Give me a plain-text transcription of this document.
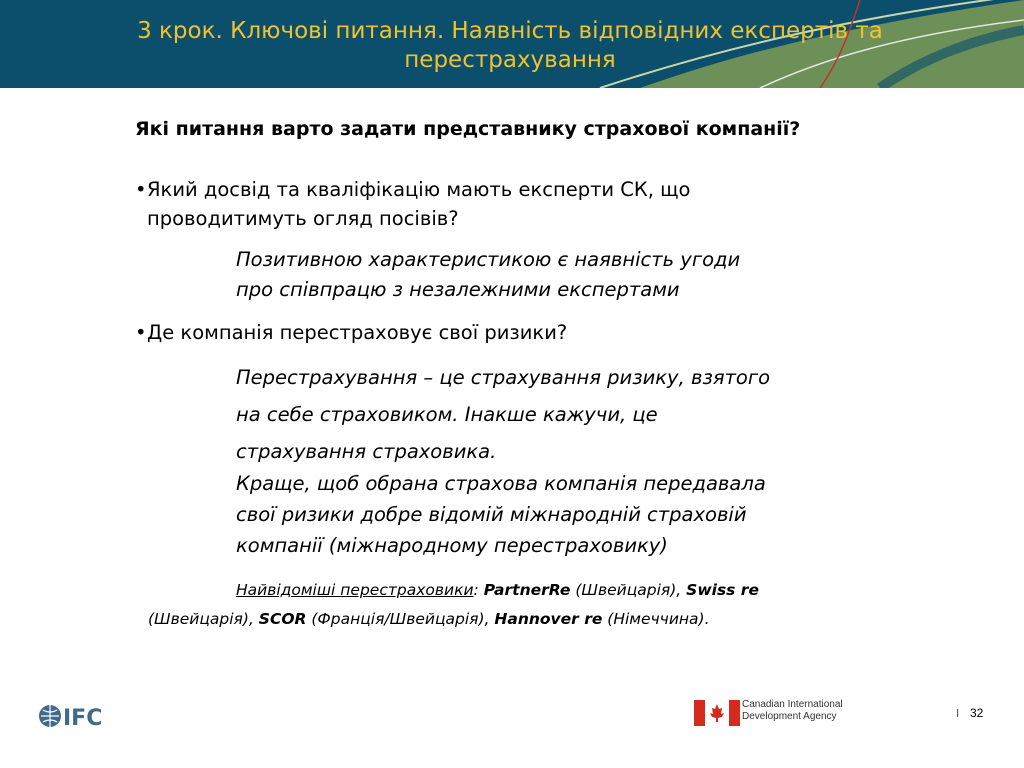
3 крок. Ключові питання. Наявність відповідних експертів та перестрахування
Які питання варто задати представнику страхової компанії?
•Який досвід та кваліфікацію мають експерти СК, що
проводитимуть огляд посівів?
Позитивною характеристикою є наявність угоди
про співпрацю з незалежними експертами
•Де компанія перестраховує свої ризики?
Перестрахування – це страхування ризику, взятого
на себе страховиком. Інакше кажучи, це
страхування страховика.
Краще, щоб обрана страхова компанія передавала
свої ризики добре відомій міжнародній страховій
компанії (міжнародному перестраховику)
Найвідоміші перестраховики: PartnerRe (Швейцарія), Swiss re
(Швейцарія), SCOR (Франція/Швейцарія), Hannover re (Німеччина).
IFC
Canadian International
Development Agency	I 32
